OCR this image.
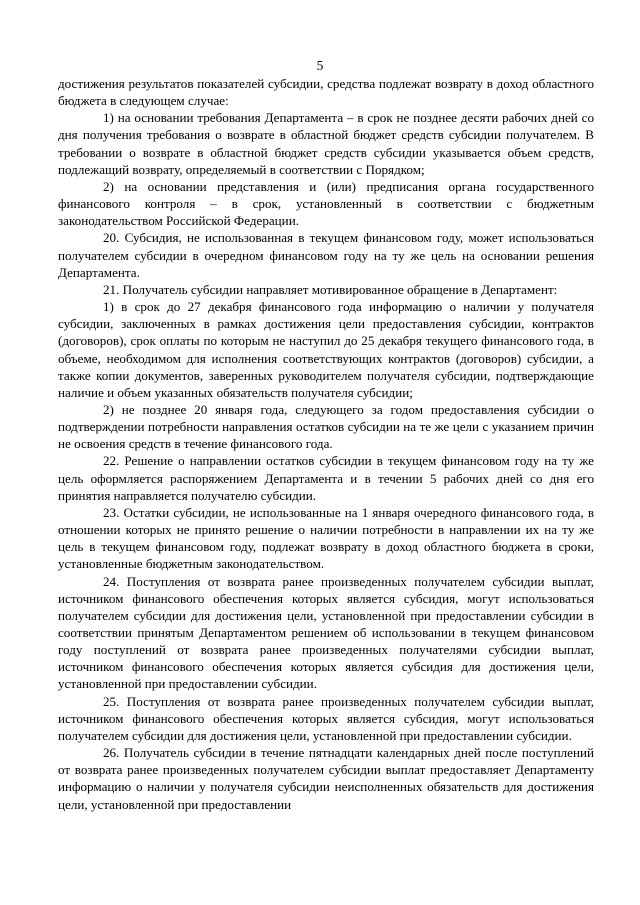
5

достижения результатов показателей субсидии, средства подлежат возврату в доход областного бюджета в следующем случае:

1) на основании требования Департамента – в срок не позднее десяти рабочих дней со дня получения требования о возврате в областной бюджет средств субсидии получателем. В требовании о возврате в областной бюджет средств субсидии указывается объем средств, подлежащий возврату, определяемый в соответствии с Порядком;

2) на основании представления и (или) предписания органа государственного финансового контроля – в срок, установленный в соответствии с бюджетным законодательством Российской Федерации.

20. Субсидия, не использованная в текущем финансовом году, может использоваться получателем субсидии в очередном финансовом году на ту же цель на основании решения Департамента.

21. Получатель субсидии направляет мотивированное обращение в Департамент:

1) в срок до 27 декабря финансового года информацию о наличии у получателя субсидии, заключенных в рамках достижения цели предоставления субсидии, контрактов (договоров), срок оплаты по которым не наступил до 25 декабря текущего финансового года, в объеме, необходимом для исполнения соответствующих контрактов (договоров) субсидии, а также копии документов, заверенных руководителем получателя субсидии, подтверждающие наличие и объем указанных обязательств получателя субсидии;

2) не позднее 20 января года, следующего за годом предоставления субсидии о подтверждении потребности направления остатков субсидии на те же цели с указанием причин не освоения средств в течение финансового года.

22. Решение о направлении остатков субсидии в текущем финансовом году на ту же цель оформляется распоряжением Департамента и в течении 5 рабочих дней со дня его принятия направляется получателю субсидии.

23. Остатки субсидии, не использованные на 1 января очередного финансового года, в отношении которых не принято решение о наличии потребности в направлении их на ту же цель в текущем финансовом году, подлежат возврату в доход областного бюджета в сроки, установленные бюджетным законодательством.

24. Поступления от возврата ранее произведенных получателем субсидии выплат, источником финансового обеспечения которых является субсидия, могут использоваться получателем субсидии для достижения цели, установленной при предоставлении субсидии в соответствии принятым Департаментом решением об использовании в текущем финансовом году поступлений от возврата ранее произведенных получателями субсидии выплат, источником финансового обеспечения которых является субсидия для достижения цели, установленной при предоставлении субсидии.

25. Поступления от возврата ранее произведенных получателем субсидии выплат, источником финансового обеспечения которых является субсидия, могут использоваться получателем субсидии для достижения цели, установленной при предоставлении субсидии.

26. Получатель субсидии в течение пятнадцати календарных дней после поступлений от возврата ранее произведенных получателем субсидии выплат предоставляет Департаменту информацию о наличии у получателя субсидии неисполненных обязательств для достижения цели, установленной при предоставлении
